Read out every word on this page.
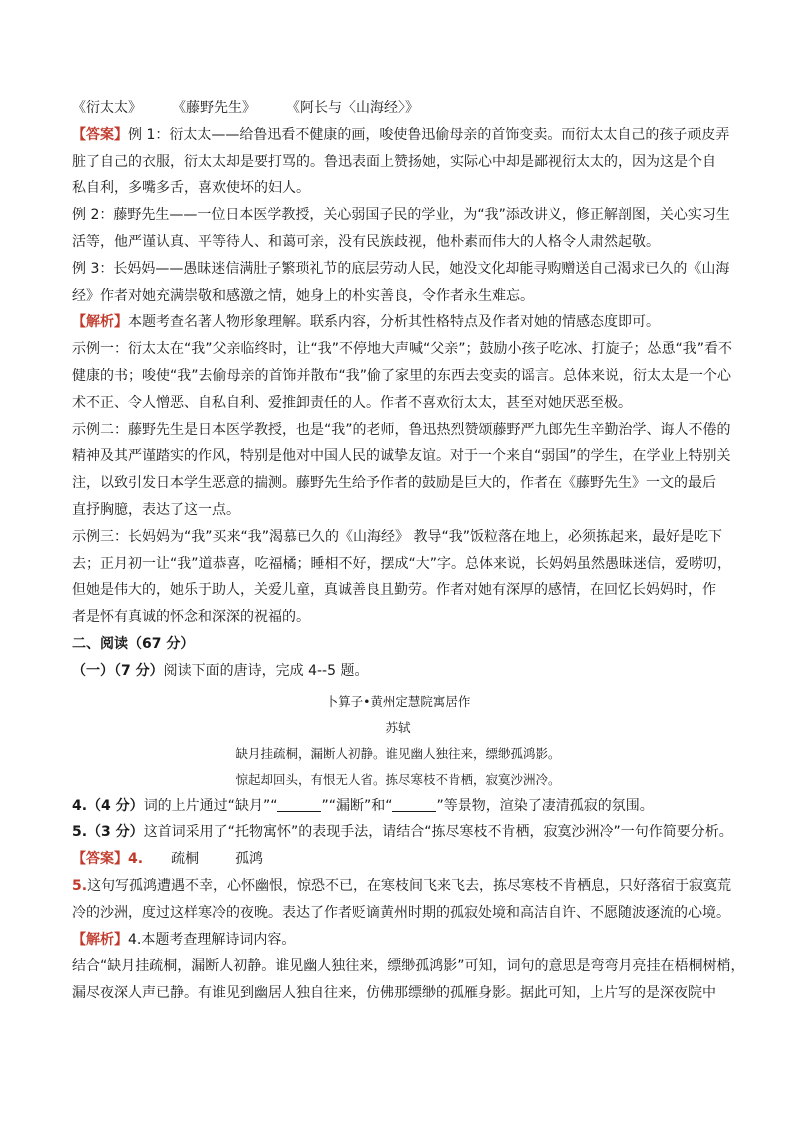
《衍太太》 《藤野先生》 《阿长与〈山海经〉》

【答案】例 1：衍太太——给鲁迅看不健康的画，唆使鲁迅偷母亲的首饰变卖。而衍太太自己的孩子顽皮弄

脏了自己的衣服，衍太太却是要打骂的。鲁迅表面上赞扬她，实际心中却是鄙视衍太太的，因为这是个自

私自利，多嘴多舌，喜欢使坏的妇人。

例 2：藤野先生——一位日本医学教授，关心弱国子民的学业，为“我”添改讲义，修正解剖图，关心实习生

活等，他严谨认真、平等待人、和蔼可亲，没有民族歧视，他朴素而伟大的人格令人肃然起敬。

例 3：长妈妈——愚昧迷信满肚子繁琐礼节的底层劳动人民，她没文化却能寻购赠送自己渴求已久的《山海

经》作者对她充满崇敬和感激之情，她身上的朴实善良，令作者永生难忘。

【解析】本题考查名著人物形象理解。联系内容，分析其性格特点及作者对她的情感态度即可。

示例一：衍太太在“我”父亲临终时，让“我”不停地大声喊“父亲”；鼓励小孩子吃冰、打旋子；怂恿“我”看不

健康的书；唆使“我”去偷母亲的首饰并散布“我”偷了家里的东西去变卖的谣言。总体来说，衍太太是一个心

术不正、令人憎恶、自私自利、爱推卸责任的人。作者不喜欢衍太太，甚至对她厌恶至极。

示例二：藤野先生是日本医学教授，也是“我”的老师，鲁迅热烈赞颂藤野严九郎先生辛勤治学、诲人不倦的

精神及其严谨踏实的作风，特别是他对中国人民的诚挚友谊。对于一个来自“弱国”的学生，在学业上特别关

注，以致引发日本学生恶意的揣测。藤野先生给予作者的鼓励是巨大的，作者在《藤野先生》一文的最后

直抒胸臆，表达了这一点。

示例三：长妈妈为“我”买来“我”渴慕已久的《山海经》 教导“我”饭粒落在地上，必须拣起来，最好是吃下

去；正月初一让“我”道恭喜，吃福橘；睡相不好，摆成“大”字。总体来说，长妈妈虽然愚昧迷信，爱唠叨，

但她是伟大的，她乐于助人，关爱儿童，真诚善良且勤劳。作者对她有深厚的感情，在回忆长妈妈时，作

者是怀有真诚的怀念和深深的祝福的。

二、阅读（67 分）

（一）（7 分）阅读下面的唐诗，完成 4--5 题。

卜算子•黄州定慧院寓居作

苏轼

缺月挂疏桐，漏断人初静。谁见幽人独往来，缥缈孤鸿影。

惊起却回头，有恨无人省。拣尽寒枝不肯栖，寂寞沙洲冷。

4.（4 分）词的上片通过“缺月”“	”“漏断”和“	”等景物，渲染了凄清孤寂的氛围。

5.（3 分）这首词采用了“托物寓怀”的表现手法，请结合“拣尽寒枝不肯栖，寂寞沙洲冷”一句作简要分析。

【答案】4. 疏桐	孤鸿

5.这句写孤鸿遭遇不幸，心怀幽恨，惊恐不已，在寒枝间飞来飞去，拣尽寒枝不肯栖息，只好落宿于寂寞荒

冷的沙洲，度过这样寒冷的夜晚。表达了作者贬谪黄州时期的孤寂处境和高洁自许、不愿随波逐流的心境。

【解析】4.本题考查理解诗词内容。

结合“缺月挂疏桐，漏断人初静。谁见幽人独往来，缥缈孤鸿影”可知，词句的意思是弯弯月亮挂在梧桐树梢，

漏尽夜深人声已静。有谁见到幽居人独自往来，仿佛那缥缈的孤雁身影。据此可知，上片写的是深夜院中
